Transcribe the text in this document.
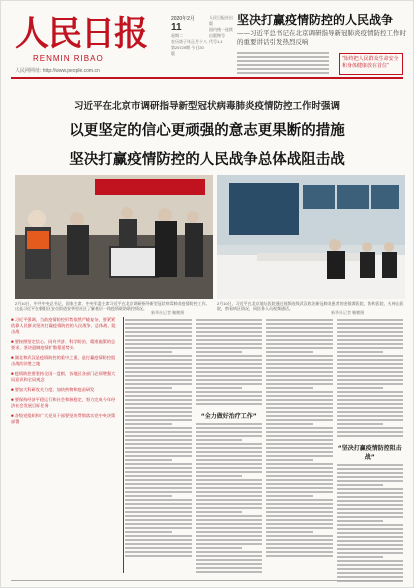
人民日报
RENMIN RIBAO
人民网网址: http://www.people.com.cn
2020年2月
11
星期二
农历庚子年正月十八
第25729期 今日20版
人民日报社出版
国内统一连续出版物号
代号1-1
坚决打赢疫情防控的人民战争
——习近平总书记在北京调研指导新冠肺炎疫情防控工作时的重要讲话引发热烈反响
“始终把人民群众生命安全和身体健康放在首位”
习近平在北京市调研指导新型冠状病毒肺炎疫情防控工作时强调
以更坚定的信心更顽强的意志更果断的措施
坚决打赢疫情防控的人民战争总体战阻击战
2月10日，中共中央总书记、国家主席、中央军委主席习近平在北京调研指导新型冠状病毒肺炎疫情防控工作。这是习近平在朝阳区安贞街道安华里社区了解基层一线疫情联防联控情况。
2月10日，习近平在北京地坛医院通过视频连线武汉收治新冠肺炎患者的金银潭医院、协和医院、火神山医院，察看病区情况，同医务人员视频通话。
新华社记者 鞠鹏摄	新华社记者 鞠鹏摄
■ 习近平强调，当前疫情防控形势依然严峻复杂，要紧紧依靠人民群众坚决打赢疫情防控的人民战争、总体战、阻击战
■ 要按照坚定信心、同舟共济、科学防治、精准施策的总要求，坚决遏制疫情扩散蔓延势头
■ 湖北和武汉是疫情防控的重中之重，是打赢疫情防控阻击战的决胜之地
■ 疫情防控要坚持全国一盘棋，各地区各部门必须增强大局意识和全局观念
■ 要加大科研攻关力度，加快药物和疫苗研发
■ 要保持经济平稳运行和社会和谐稳定，努力完成今年经济社会发展目标任务
■ 各级党组织和广大党员干部要坚决贯彻落实党中央决策部署
“全力做好治疗工作”
“坚决打赢疫情防控阻击战”
